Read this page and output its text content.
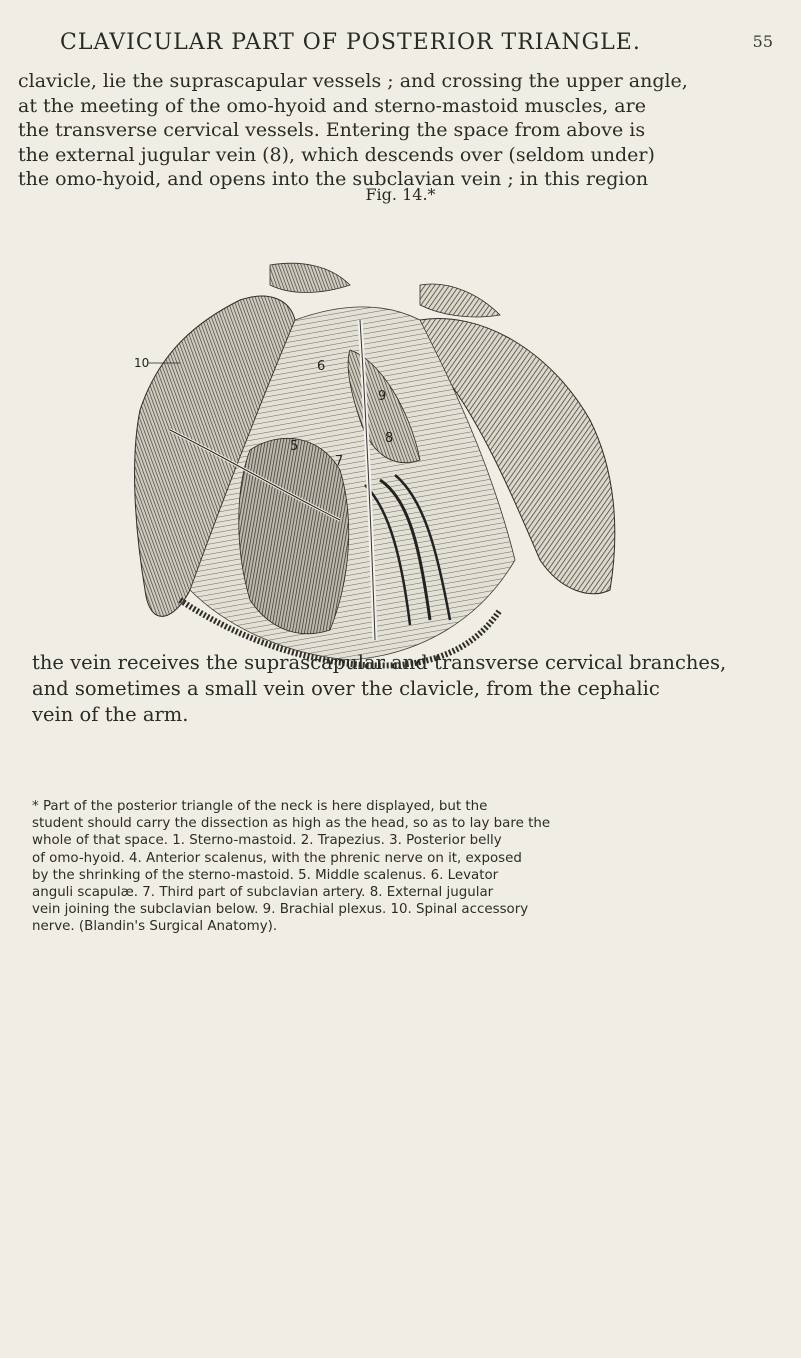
CLAVICULAR PART OF POSTERIOR TRIANGLE.	55
clavicle, lie the suprascapular vessels ; and crossing the upper angle,
at the meeting of the omo-hyoid and sterno-mastoid muscles, are
the transverse cervical vessels. Entering the space from above is
the external jugular vein (8), which descends over (seldom under)
the omo-hyoid, and opens into the subclavian vein ; in this region
Fig. 14.*
10	6
7
8
9
5
the vein receives the suprascapular and transverse cervical branches,
and sometimes a small vein over the clavicle, from the cephalic
vein of the arm.
* Part of the posterior triangle of the neck is here displayed, but the
student should carry the dissection as high as the head, so as to lay bare the
whole of that space. 1. Sterno-mastoid. 2. Trapezius. 3. Posterior belly
of omo-hyoid. 4. Anterior scalenus, with the phrenic nerve on it, exposed
by the shrinking of the sterno-mastoid. 5. Middle scalenus. 6. Levator
anguli scapulæ. 7. Third part of subclavian artery. 8. External jugular
vein joining the subclavian below. 9. Brachial plexus. 10. Spinal accessory
nerve. (Blandin's Surgical Anatomy).
